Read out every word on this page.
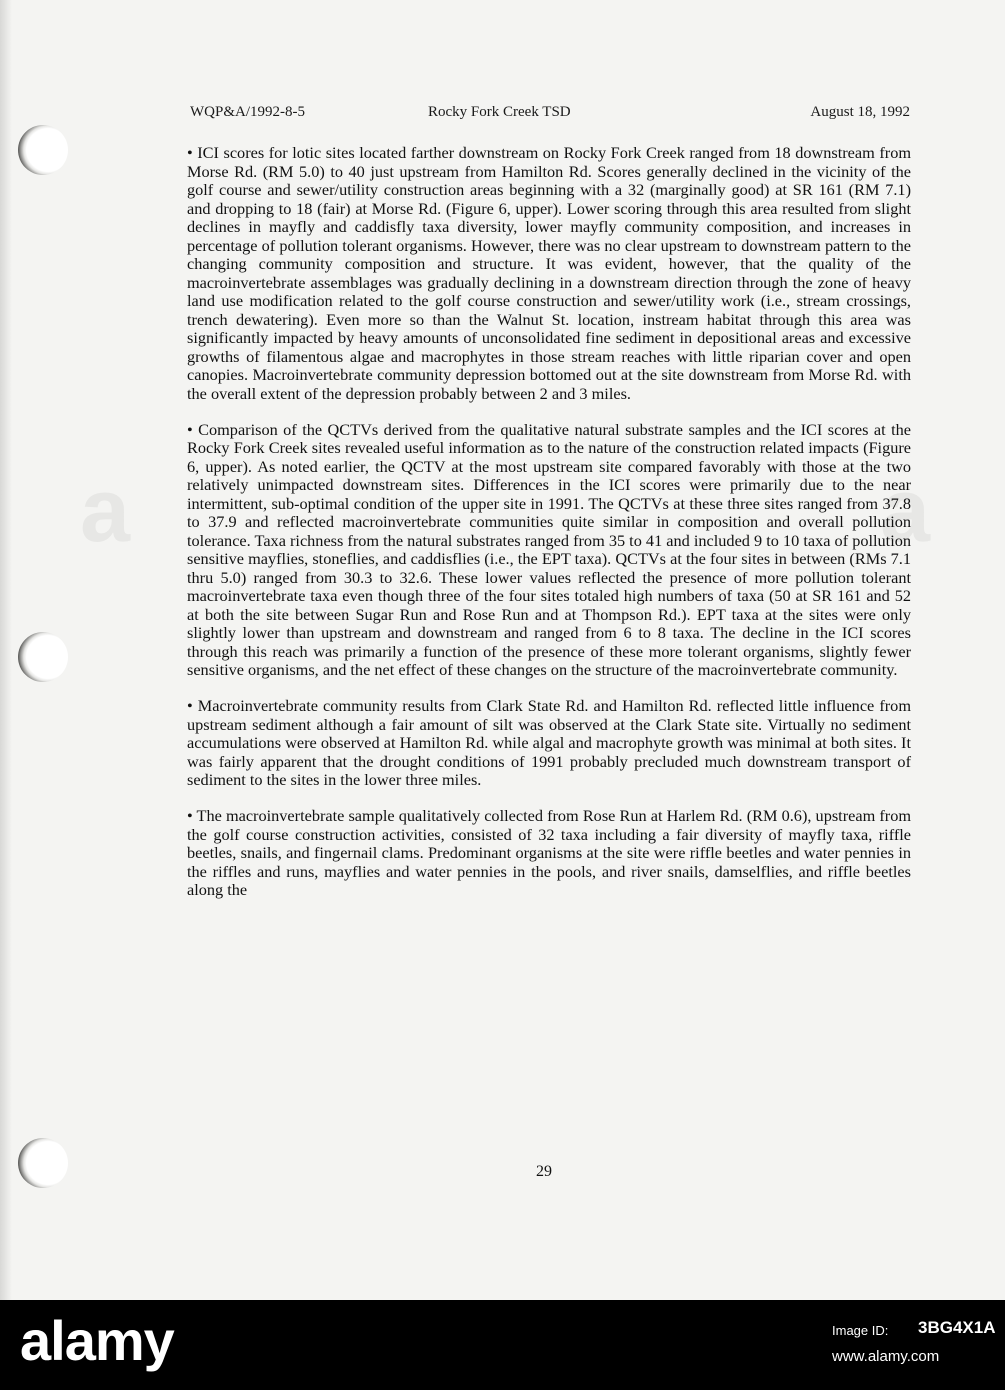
a	a
WQP&A/1992-8-5	Rocky Fork Creek TSD	August 18, 1992

• ICI scores for lotic sites located farther downstream on Rocky Fork Creek ranged from 18 downstream from Morse Rd. (RM 5.0) to 40 just upstream from Hamilton Rd. Scores generally declined in the vicinity of the golf course and sewer/utility construction areas beginning with a 32 (marginally good) at SR 161 (RM 7.1) and dropping to 18 (fair) at Morse Rd. (Figure 6, upper). Lower scoring through this area resulted from slight declines in mayfly and caddisfly taxa diversity, lower mayfly community composition, and increases in percentage of pollution tolerant organisms. However, there was no clear upstream to downstream pattern to the changing community composition and structure. It was evident, however, that the quality of the macroinvertebrate assemblages was gradually declining in a downstream direction through the zone of heavy land use modification related to the golf course construction and sewer/utility work (i.e., stream crossings, trench dewatering). Even more so than the Walnut St. location, instream habitat through this area was significantly impacted by heavy amounts of unconsolidated fine sediment in depositional areas and excessive growths of filamentous algae and macrophytes in those stream reaches with little riparian cover and open canopies. Macroinvertebrate community depression bottomed out at the site downstream from Morse Rd. with the overall extent of the depression probably between 2 and 3 miles.

• Comparison of the QCTVs derived from the qualitative natural substrate samples and the ICI scores at the Rocky Fork Creek sites revealed useful information as to the nature of the construction related impacts (Figure 6, upper). As noted earlier, the QCTV at the most upstream site compared favorably with those at the two relatively unimpacted downstream sites. Differences in the ICI scores were primarily due to the near intermittent, sub-optimal condition of the upper site in 1991. The QCTVs at these three sites ranged from 37.8 to 37.9 and reflected macroinvertebrate communities quite similar in composition and overall pollution tolerance. Taxa richness from the natural substrates ranged from 35 to 41 and included 9 to 10 taxa of pollution sensitive mayflies, stoneflies, and caddisflies (i.e., the EPT taxa). QCTVs at the four sites in between (RMs 7.1 thru 5.0) ranged from 30.3 to 32.6. These lower values reflected the presence of more pollution tolerant macroinvertebrate taxa even though three of the four sites totaled high numbers of taxa (50 at SR 161 and 52 at both the site between Sugar Run and Rose Run and at Thompson Rd.). EPT taxa at the sites were only slightly lower than upstream and downstream and ranged from 6 to 8 taxa. The decline in the ICI scores through this reach was primarily a function of the presence of these more tolerant organisms, slightly fewer sensitive organisms, and the net effect of these changes on the structure of the macroinvertebrate community.

• Macroinvertebrate community results from Clark State Rd. and Hamilton Rd. reflected little influence from upstream sediment although a fair amount of silt was observed at the Clark State site. Virtually no sediment accumulations were observed at Hamilton Rd. while algal and macrophyte growth was minimal at both sites. It was fairly apparent that the drought conditions of 1991 probably precluded much downstream transport of sediment to the sites in the lower three miles.

• The macroinvertebrate sample qualitatively collected from Rose Run at Harlem Rd. (RM 0.6), upstream from the golf course construction activities, consisted of 32 taxa including a fair diversity of mayfly taxa, riffle beetles, snails, and fingernail clams. Predominant organisms at the site were riffle beetles and water pennies in the riffles and runs, mayflies and water pennies in the pools, and river snails, damselflies, and riffle beetles along the

29
alamy	Image ID: 3BG4X1A
www.alamy.com
